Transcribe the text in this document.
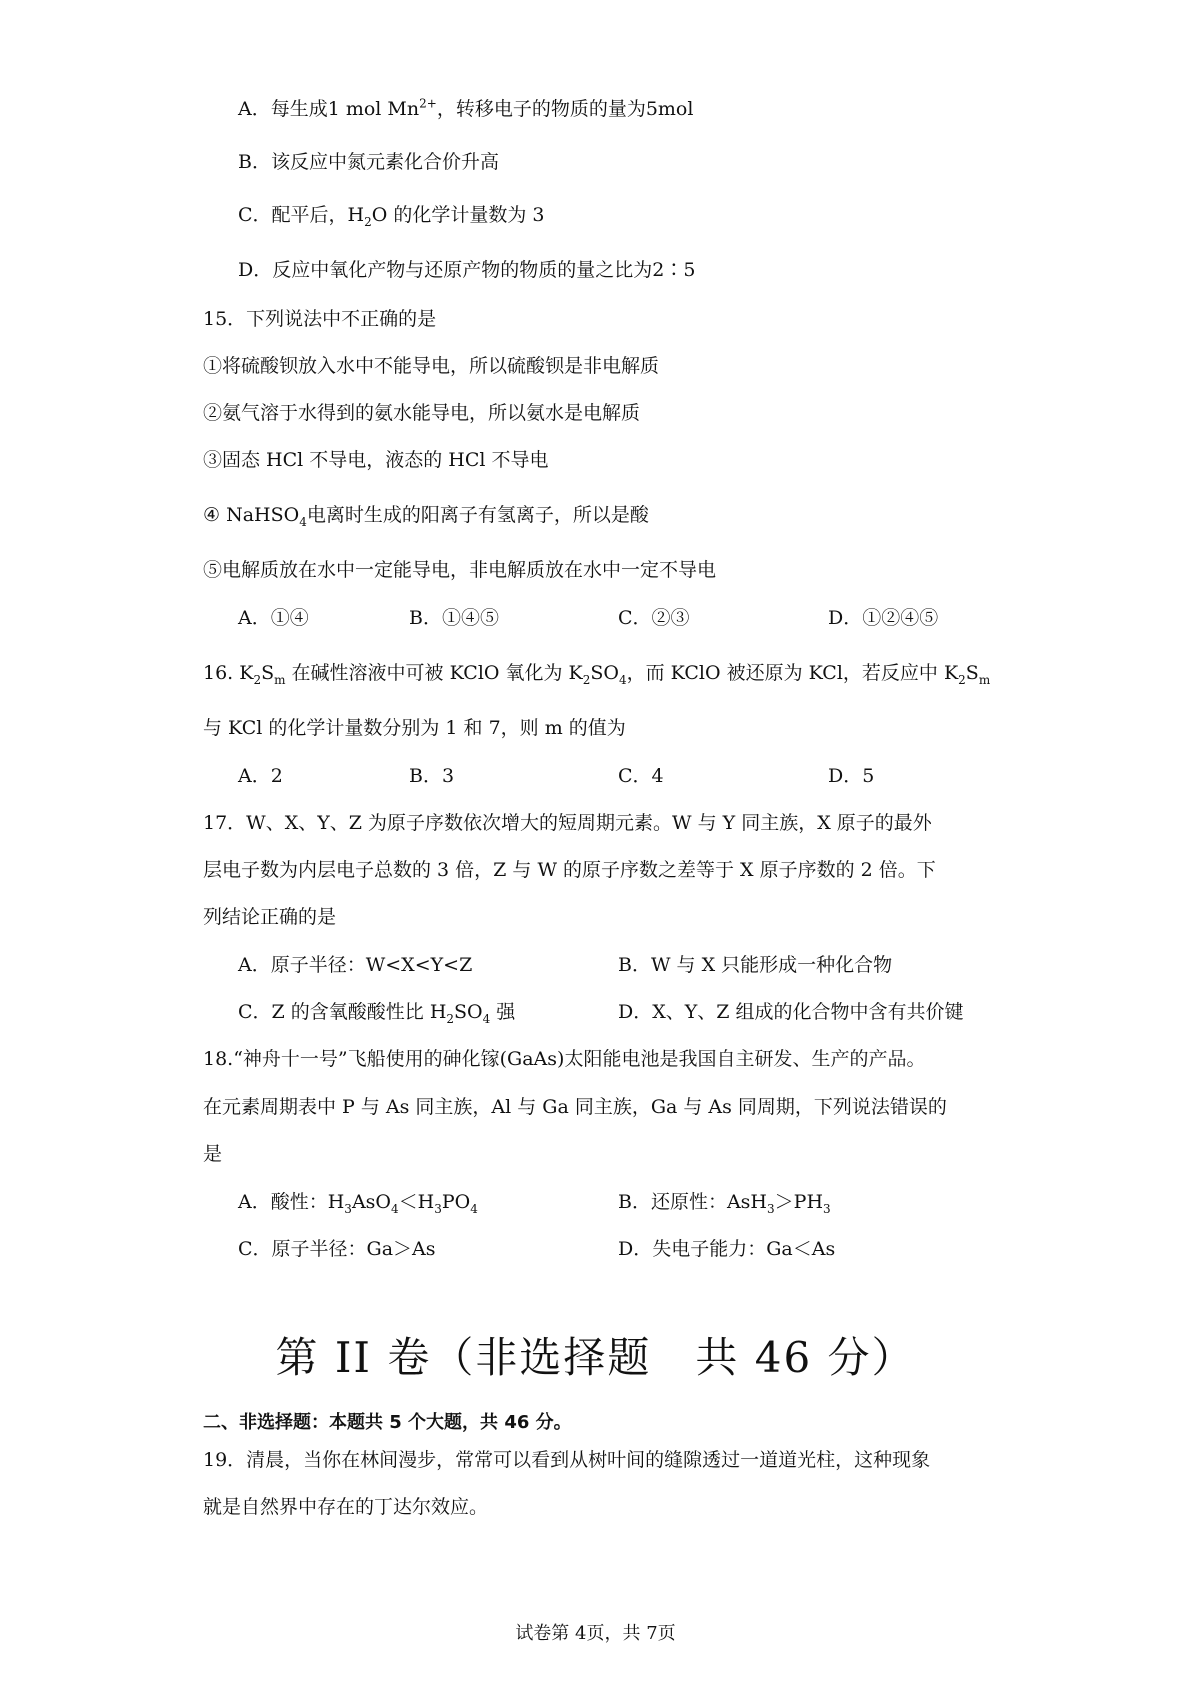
A．每生成1 mol $Mn^{2+}$，转移电子的物质的量为5mol
B．该反应中氮元素化合价升高
C．配平后，$H_2O$ 的化学计量数为 3
D．反应中氧化产物与还原产物的物质的量之比为2∶5
15．下列说法中不正确的是
①将硫酸钡放入水中不能导电，所以硫酸钡是非电解质
②氨气溶于水得到的氨水能导电，所以氨水是电解质
③固态 HCl 不导电，液态的 HCl 不导电
④ NaHSO$_4$电离时生成的阳离子有氢离子，所以是酸
⑤电解质放在水中一定能导电，非电解质放在水中一定不导电
A．①④	B．①④⑤	C．②③	D．①②④⑤
16. $K_2S_m$ 在碱性溶液中可被 KClO 氧化为 $K_2SO_4$，而 KClO 被还原为 KCl，若反应中 $K_2S_m$
与 KCl 的化学计量数分别为 1 和 7，则 m 的值为
A．2	B．3	C．4	D．5
17．W、X、Y、Z 为原子序数依次增大的短周期元素。W 与 Y 同主族，X 原子的最外
层电子数为内层电子总数的 3 倍，Z 与 W 的原子序数之差等于 X 原子序数的 2 倍。下
列结论正确的是
A．原子半径：W<X<Y<Z	B．W 与 X 只能形成一种化合物
C．Z 的含氧酸酸性比 $H_2SO_4$ 强	D．X、Y、Z 组成的化合物中含有共价键
18.“神舟十一号”飞船使用的砷化镓(GaAs)太阳能电池是我国自主研发、生产的产品。
在元素周期表中 P 与 As 同主族，Al 与 Ga 同主族，Ga 与 As 同周期，下列说法错误的
是
A．酸性：$H_3AsO_4<H_3PO_4$	B．还原性：$AsH_3>PH_3$
C．原子半径：Ga＞As	D．失电子能力：Ga＜As
第 II 卷（非选择题　共 46 分）
二、非选择题：本题共 5 个大题，共 46 分。
19．清晨，当你在林间漫步，常常可以看到从树叶间的缝隙透过一道道光柱，这种现象
就是自然界中存在的丁达尔效应。
试卷第 4页，共 7页
